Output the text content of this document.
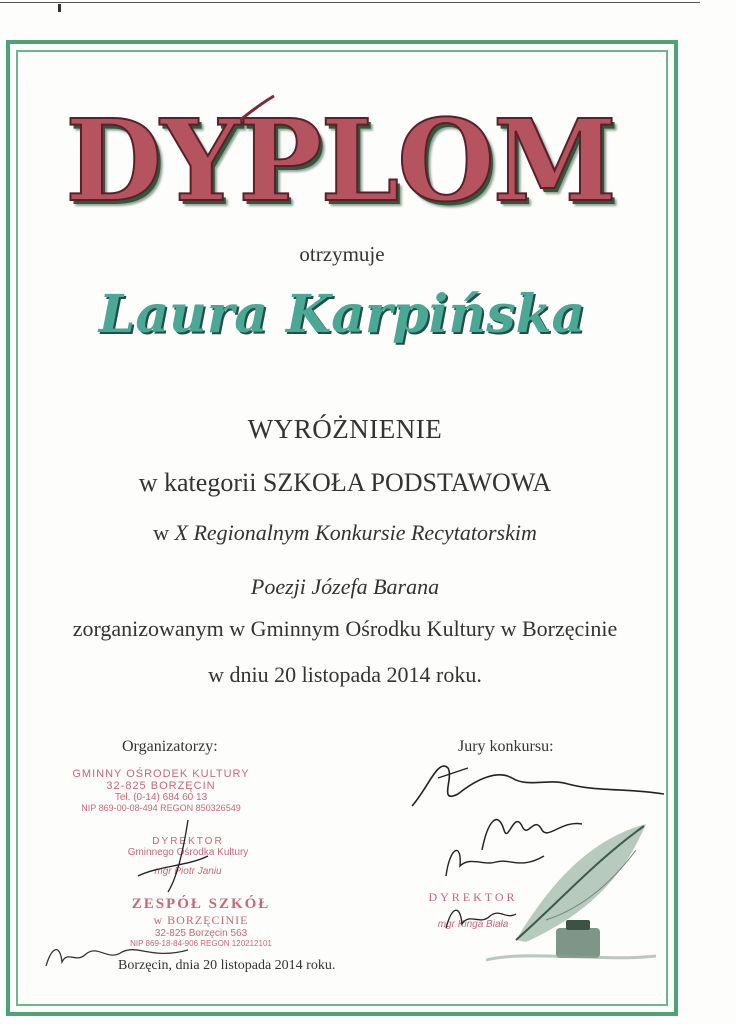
DYPLOM
otrzymuje
Laura Karpińska
WYRÓŻNIENIE
w kategorii SZKOŁA PODSTAWOWA
w X Regionalnym Konkursie Recytatorskim
Poezji Józefa Barana
zorganizowanym w Gminnym Ośrodku Kultury w Borzęcinie
w dniu 20 listopada 2014 roku.
Organizatorzy:	Jury konkursu:
GMINNY OŚRODEK KULTURY
32-825 BORZĘCIN
Tel. (0-14) 684 60 13
NIP 869-00-08-494 REGON 850326549
DYREKTOR
Gminnego Ośrodka Kultury
mgr Piotr Janiu
ZESPÓŁ SZKÓŁ
w BORZĘCINIE
32-825 Borzęcin 563
NIP 869-18-84-906 REGON 120212101
DYREKTOR
mgr Kinga Biała
Borzęcin, dnia 20 listopada 2014 roku.
